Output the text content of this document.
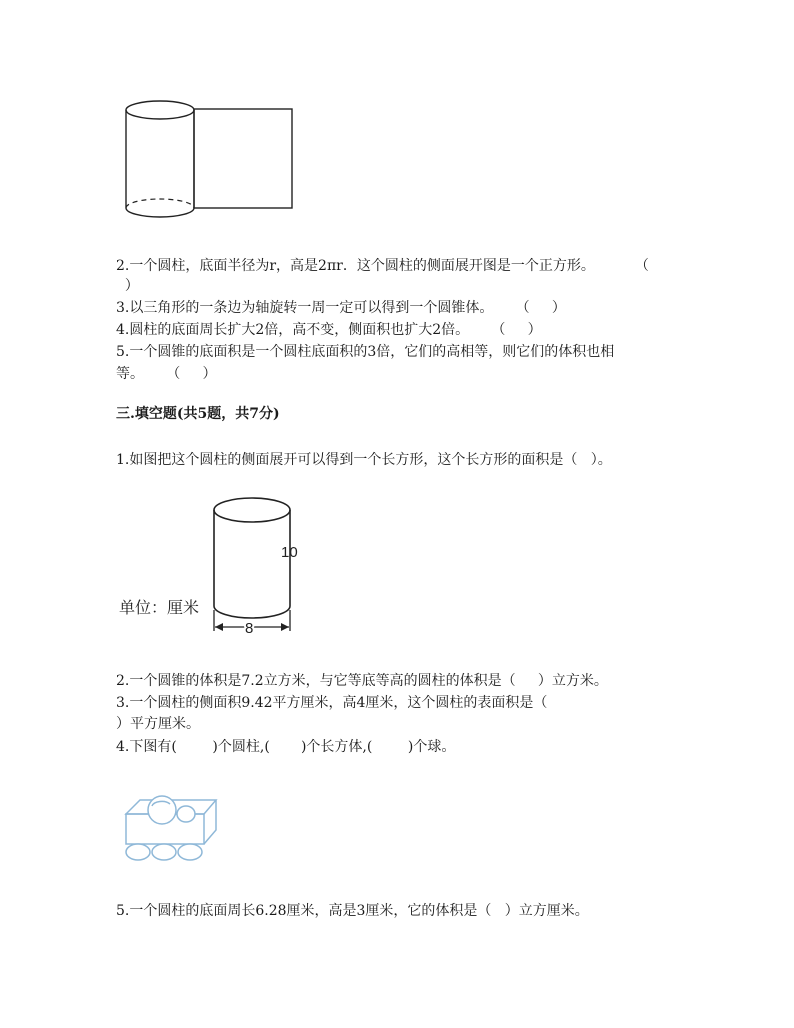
2.一个圆柱，底面半径为r，高是2πr．这个圆柱的侧面展开图是一个正方形。         （
）
3.以三角形的一条边为轴旋转一周一定可以得到一个圆锥体。     （     ）
4.圆柱的底面周长扩大2倍，高不变，侧面积也扩大2倍。     （     ）
5.一个圆锥的底面积是一个圆柱底面积的3倍，它们的高相等，则它们的体积也相
等。     （     ）
三.填空题(共5题，共7分)
1.如图把这个圆柱的侧面展开可以得到一个长方形，这个长方形的面积是（   ）。
10
8
单位：厘米
2.一个圆锥的体积是7.2立方米，与它等底等高的圆柱的体积是（     ）立方米。
3.一个圆柱的侧面积9.42平方厘米，高4厘米，这个圆柱的表面积是（
）平方厘米。
4.下图有(        )个圆柱,(       )个长方体,(        )个球。
5.一个圆柱的底面周长6.28厘米，高是3厘米，它的体积是（   ）立方厘米。
